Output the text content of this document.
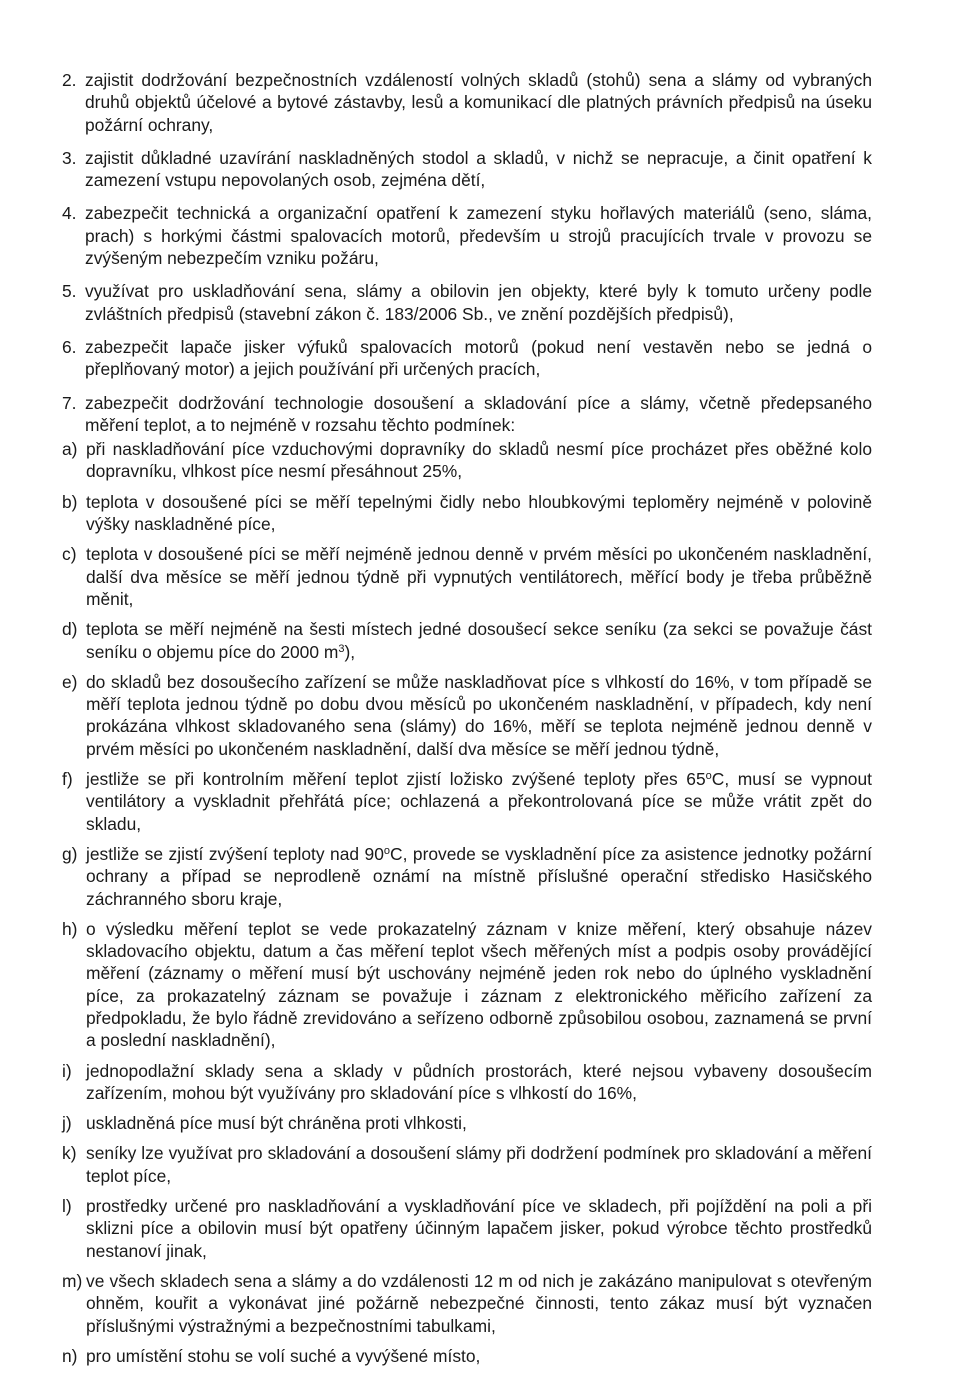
2. zajistit dodržování bezpečnostních vzdáleností volných skladů (stohů) sena a slámy od vybraných druhů objektů účelové a bytové zástavby, lesů a komunikací dle platných právních předpisů na úseku požární ochrany,
3. zajistit důkladné uzavírání naskladněných stodol a skladů, v nichž se nepracuje, a činit opatření k zamezení vstupu nepovolaných osob, zejména dětí,
4. zabezpečit technická a organizační opatření k zamezení styku hořlavých materiálů (seno, sláma, prach) s horkými částmi spalovacích motorů, především u strojů pracujících trvale v provozu se zvýšeným nebezpečím vzniku požáru,
5. využívat pro uskladňování sena, slámy a obilovin jen objekty, které byly k tomuto určeny podle zvláštních předpisů (stavební zákon č. 183/2006 Sb., ve znění pozdějších předpisů),
6. zabezpečit lapače jisker výfuků spalovacích motorů (pokud není vestavěn nebo se jedná o přeplňovaný motor) a jejich používání při určených pracích,
7. zabezpečit dodržování technologie dosoušení a skladování píce a slámy, včetně předepsaného měření teplot, a to nejméně v rozsahu těchto podmínek:
a) při naskladňování píce vzduchovými dopravníky do skladů nesmí píce procházet přes oběžné kolo dopravníku, vlhkost píce nesmí přesáhnout 25%,
b) teplota v dosoušené píci se měří tepelnými čidly nebo hloubkovými teploměry nejméně v polovině výšky naskladněné píce,
c) teplota v dosoušené píci se měří nejméně jednou denně v prvém měsíci po ukončeném naskladnění, další dva měsíce se měří jednou týdně při vypnutých ventilátorech, měřící body je třeba průběžně měnit,
d) teplota se měří nejméně na šesti místech jedné dosoušecí sekce seníku (za sekci se považuje část seníku o objemu píce do 2000 $m^3$),
e) do skladů bez dosoušecího zařízení se může naskladňovat píce s vlhkostí do 16%, v tom případě se měří teplota jednou týdně po dobu dvou měsíců po ukončeném naskladnění, v případech, kdy není prokázána vlhkost skladovaného sena (slámy) do 16%, měří se teplota nejméně jednou denně v prvém měsíci po ukončeném naskladnění, další dva měsíce se měří jednou týdně,
f) jestliže se při kontrolním měření teplot zjistí ložisko zvýšené teploty přes 65$^o$C, musí se vypnout ventilátory a vyskladnit přehřátá píce; ochlazená a překontrolovaná píce se může vrátit zpět do skladu,
g) jestliže se zjistí zvýšení teploty nad 90$^o$C, provede se vyskladnění píce za asistence jednotky požární ochrany a případ se neprodleně oznámí na místně příslušné operační středisko Hasičského záchranného sboru kraje,
h) o výsledku měření teplot se vede prokazatelný záznam v knize měření, který obsahuje název skladovacího objektu, datum a čas měření teplot všech měřených míst a podpis osoby provádějící měření (záznamy o měření musí být uschovány nejméně jeden rok nebo do úplného vyskladnění píce, za prokazatelný záznam se považuje i záznam z elektronického měřicího zařízení za předpokladu, že bylo řádně zrevidováno a seřízeno odborně způsobilou osobou, zaznamená se první a poslední naskladnění),
i) jednopodlažní sklady sena a sklady v půdních prostorách, které nejsou vybaveny dosoušecím zařízením, mohou být využívány pro skladování píce s vlhkostí do 16%,
j) uskladněná píce musí být chráněna proti vlhkosti,
k) seníky lze využívat pro skladování a dosoušení slámy při dodržení podmínek pro skladování a měření teplot píce,
l) prostředky určené pro naskladňování a vyskladňování píce ve skladech, při pojíždění na poli a při sklizni píce a obilovin musí být opatřeny účinným lapačem jisker, pokud výrobce těchto prostředků nestanoví jinak,
m) ve všech skladech sena a slámy a do vzdálenosti 12 m od nich je zakázáno manipulovat s otevřeným ohněm, kouřit a vykonávat jiné požárně nebezpečné činnosti, tento zákaz musí být vyznačen příslušnými výstražnými a bezpečnostními tabulkami,
n) pro umístění stohu se volí suché a vyvýšené místo,
